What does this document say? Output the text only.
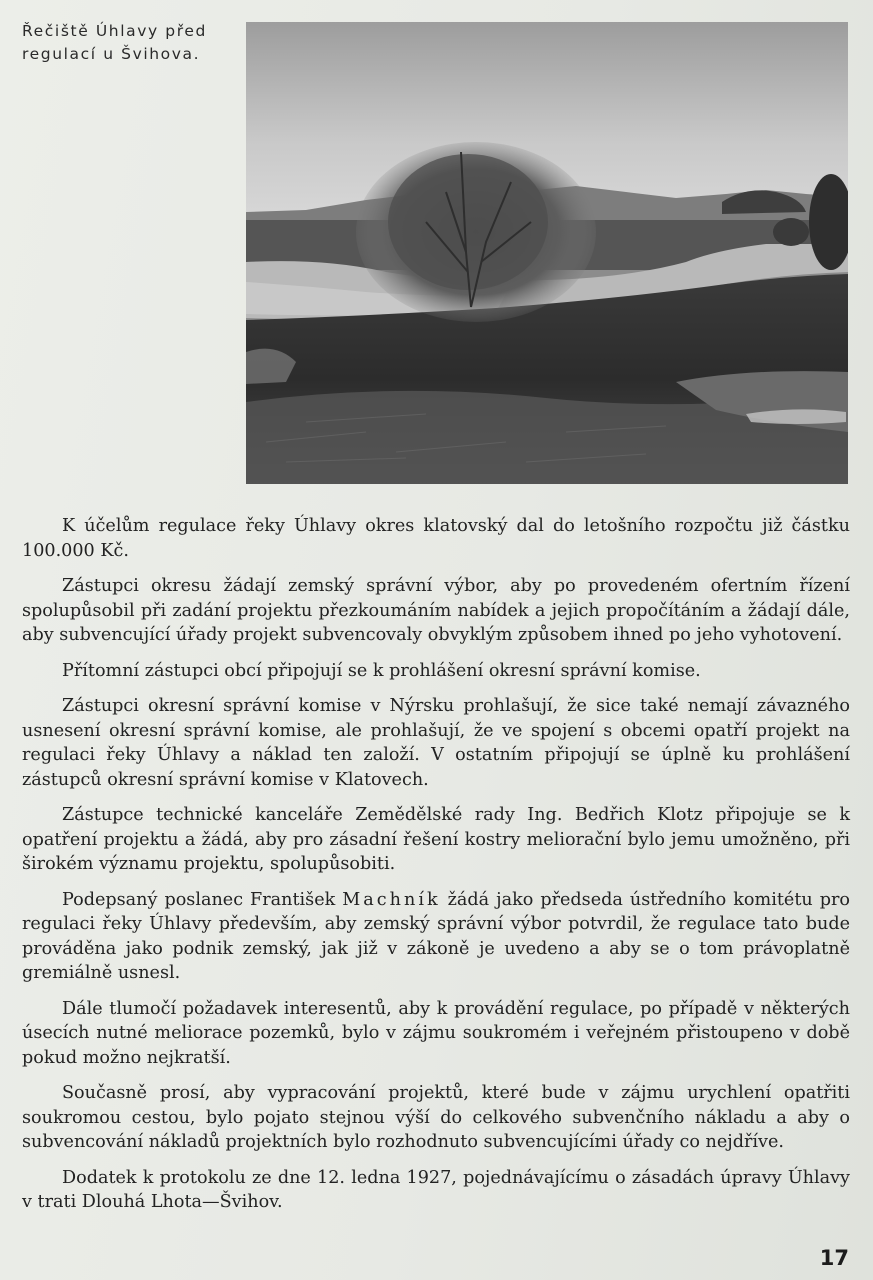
Řečiště Úhlavy před
regulací u Švihova.

K účelům regulace řeky Úhlavy okres klatovský dal do letošního rozpočtu již částku 100.000 Kč.

Zástupci okresu žádají zemský správní výbor, aby po provedeném ofertním řízení spolupůsobil při zadání projektu přezkoumáním nabídek a jejich propočítáním a žádají dále, aby subvencující úřady projekt subvencovaly obvyklým způsobem ihned po jeho vyhotovení.

Přítomní zástupci obcí připojují se k prohlášení okresní správní komise.

Zástupci okresní správní komise v Nýrsku prohlašují, že sice také nemají závazného usnesení okresní správní komise, ale prohlašují, že ve spojení s obcemi opatří projekt na regulaci řeky Úhlavy a náklad ten založí. V ostatním připojují se úplně ku prohlášení zástupců okresní správní komise v Klatovech.

Zástupce technické kanceláře Zemědělské rady Ing. Bedřich Klotz připojuje se k opatření projektu a žádá, aby pro zásadní řešení kostry meliorační bylo jemu umožněno, při širokém významu projektu, spolupůsobiti.

Podepsaný poslanec František Machník žádá jako předseda ústředního komitétu pro regulaci řeky Úhlavy především, aby zemský správní výbor potvrdil, že regulace tato bude prováděna jako podnik zemský, jak již v zákoně je uvedeno a aby se o tom právoplatně gremiálně usnesl.

Dále tlumočí požadavek interesentů, aby k provádění regulace, po případě v některých úsecích nutné meliorace pozemků, bylo v zájmu soukromém i veřejném přistoupeno v době pokud možno nejkratší.

Současně prosí, aby vypracování projektů, které bude v zájmu urychlení opatřiti soukromou cestou, bylo pojato stejnou výší do celkového subvenčního nákladu a aby o subvencování nákladů projektních bylo rozhodnuto subvencujícími úřady co nejdříve.

Dodatek k protokolu ze dne 12. ledna 1927, pojednávajícímu o zásadách úpravy Úhlavy v trati Dlouhá Lhota—Švihov.

17
